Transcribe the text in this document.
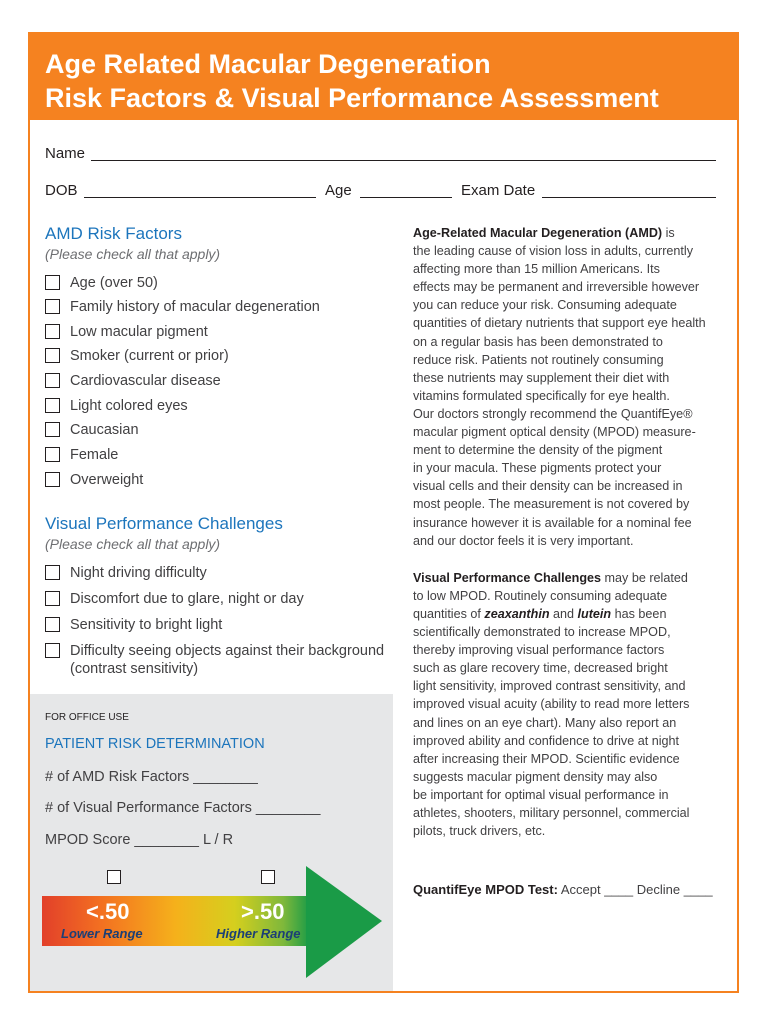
Age Related Macular Degeneration
Risk Factors & Visual Performance Assessment
Name
DOB	Age	Exam Date
AMD Risk Factors
(Please check all that apply)
Age (over 50)
Family history of macular degeneration
Low macular pigment
Smoker (current or prior)
Cardiovascular disease
Light colored eyes
Caucasian
Female
Overweight
Visual Performance Challenges
(Please check all that apply)
Night driving difficulty
Discomfort due to glare, night or day
Sensitivity to bright light
Difficulty seeing objects against their background
(contrast sensitivity)
FOR OFFICE USE
PATIENT RISK DETERMINATION
# of AMD Risk Factors ________
# of Visual Performance Factors ________
MPOD Score ________ L / R
<.50
Lower Range
>.50
Higher Range
Age-Related Macular Degeneration (AMD) is
the leading cause of vision loss in adults, currently
affecting more than 15 million Americans. Its
effects may be permanent and irreversible however
you can reduce your risk. Consuming adequate
quantities of dietary nutrients that support eye health
on a regular basis has been demonstrated to
reduce risk. Patients not routinely consuming
these nutrients may supplement their diet with
vitamins formulated specifically for eye health.
Our doctors strongly recommend the QuantifEye®
macular pigment optical density (MPOD) measure-
ment to determine the density of the pigment
in your macula. These pigments protect your
visual cells and their density can be increased in
most people. The measurement is not covered by
insurance however it is available for a nominal fee
and our doctor feels it is very important.
Visual Performance Challenges may be related
to low MPOD. Routinely consuming adequate
quantities of zeaxanthin and lutein has been
scientifically demonstrated to increase MPOD,
thereby improving visual performance factors
such as glare recovery time, decreased bright
light sensitivity, improved contrast sensitivity, and
improved visual acuity (ability to read more letters
and lines on an eye chart). Many also report an
improved ability and confidence to drive at night
after increasing their MPOD. Scientific evidence
suggests macular pigment density may also
be important for optimal visual performance in
athletes, shooters, military personnel, commercial
pilots, truck drivers, etc.
QuantifEye MPOD Test: Accept ____ Decline ____
